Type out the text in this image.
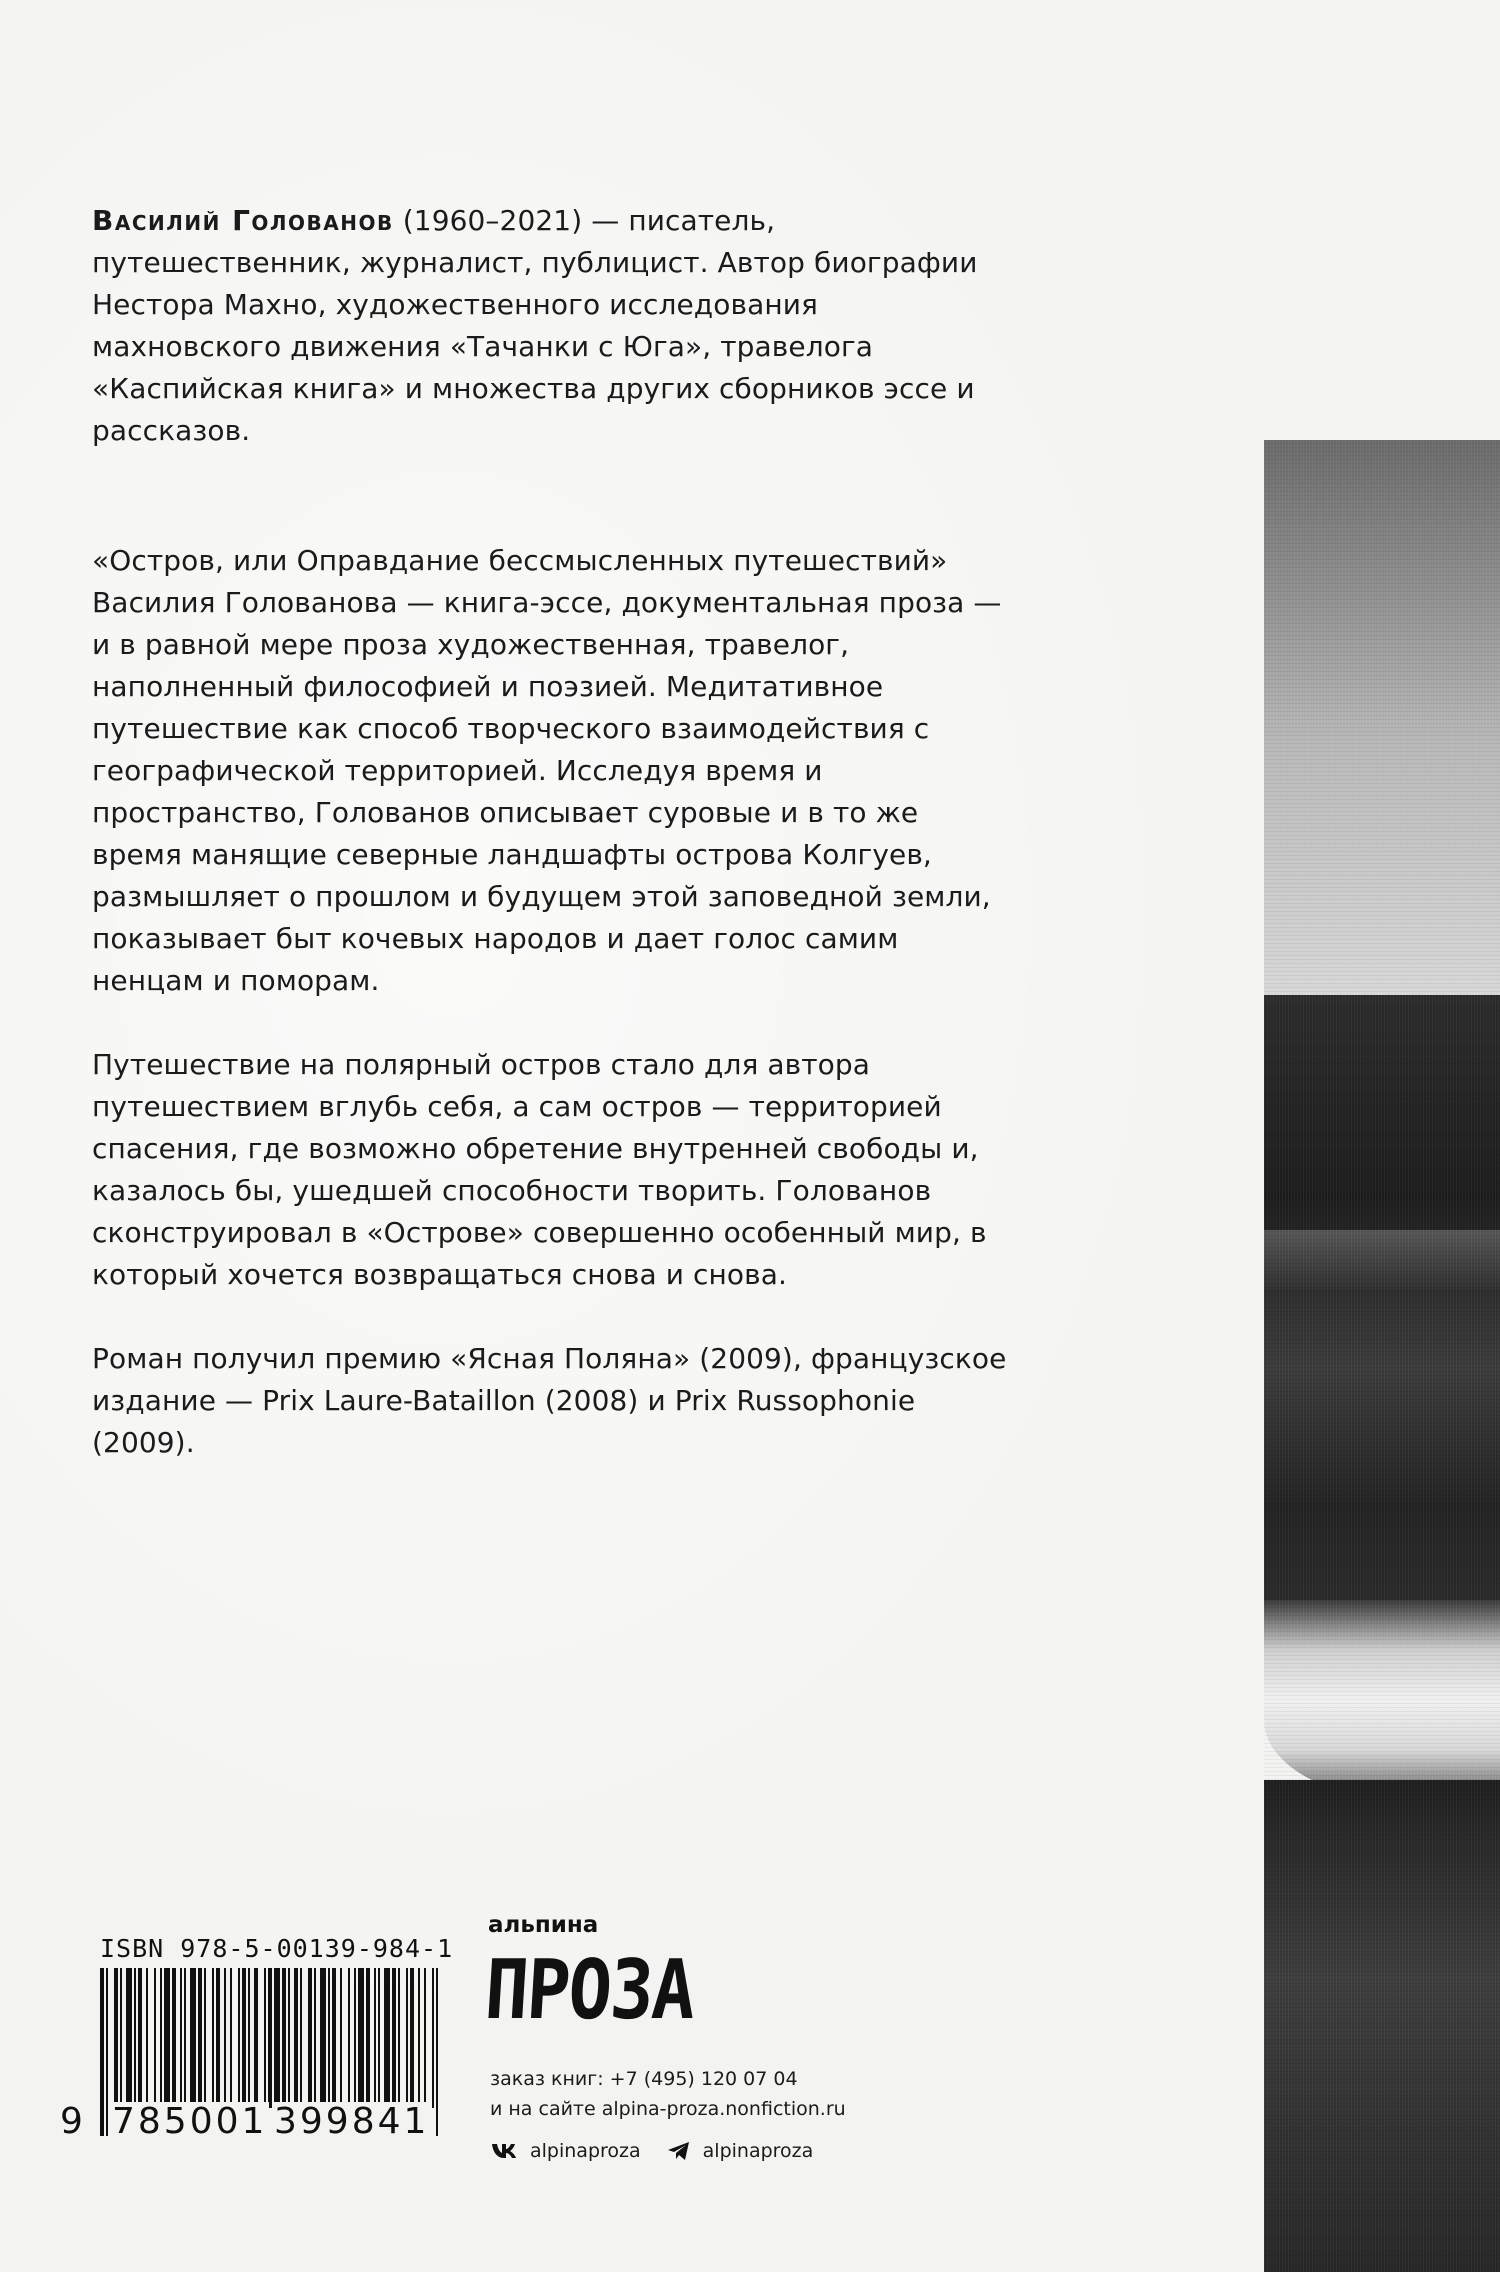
Василий Голованов (1960–2021) — писатель, путешественник, журналист, публицист. Автор биографии Нестора Махно, художественного исследования махновского движения «Тачанки с Юга», травелога «Каспийская книга» и множества других сборников эссе и рассказов.

«Остров, или Оправдание бессмысленных путешествий» Василия Голованова — книга-эссе, документальная проза — и в равной мере проза художественная, травелог, наполненный философией и поэзией. Медитативное путешествие как способ творческого взаимодействия с географической территорией. Исследуя время и пространство, Голованов описывает суровые и в то же время манящие северные ландшафты острова Колгуев, размышляет о прошлом и будущем этой заповедной земли, показывает быт кочевых народов и дает голос самим ненцам и поморам.

Путешествие на полярный остров стало для автора путешествием вглубь себя, а сам остров — территорией спасения, где возможно обретение внутренней свободы и, казалось бы, ушедшей способности творить. Голованов сконструировал в «Острове» совершенно особенный мир, в который хочется возвращаться снова и снова.

Роман получил премию «Ясная Поляна» (2009), французское издание — Prix Laure-Bataillon (2008) и Prix Russophonie (2009).

ISBN 978-5-00139-984-1
9 785001 399841
альпина
ПРОЗА
заказ книг: +7 (495) 120 07 04
и на сайте alpina-proza.nonfiction.ru
alpinaproza	alpinaproza
